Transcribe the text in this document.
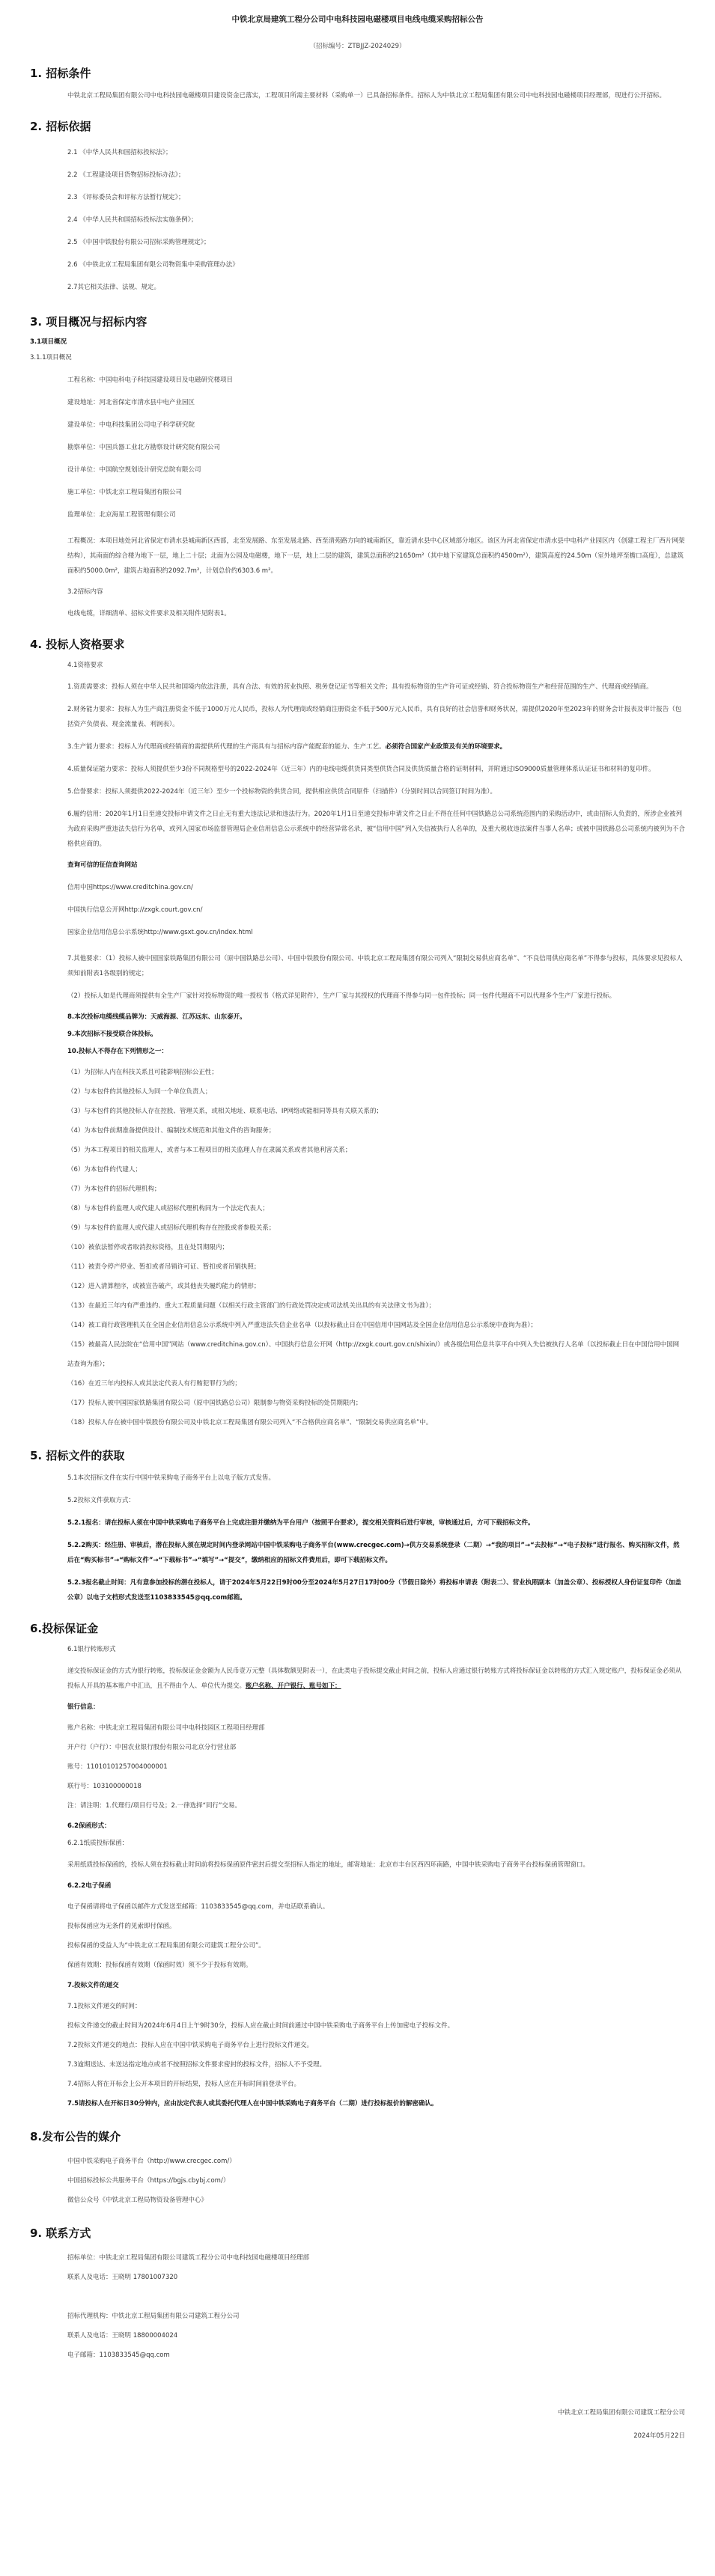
中铁北京局建筑工程分公司中电科技园电磁楼项目电线电缆采购招标公告
（招标编号：ZTBJJZ-2024029）
1. 招标条件

中铁北京工程局集团有限公司中电科技园电磁楼项目建设资金已落实，工程项目所需主要材料（采购单一）已具备招标条件。招标人为中铁北京工程局集团有限公司中电科技园电磁楼项目经理部，现进行公开招标。

2. 招标依据

2.1 《中华人民共和国招标投标法》；

2.2 《工程建设项目货物招标投标办法》；

2.3 《评标委员会和评标方法暂行规定》；

2.4 《中华人民共和国招标投标法实施条例》；

2.5 《中国中铁股份有限公司招标采购管理规定》；

2.6 《中铁北京工程局集团有限公司物资集中采购管理办法》

2.7其它相关法律、法规、规定。

3. 项目概况与招标内容
3.1项目概况

3.1.1项目概况

工程名称：中国电科电子科技园建设项目及电磁研究楼项目

建设地址：河北省保定市清水县中电产业园区

建设单位：中电科技集团公司电子科学研究院

勘察单位：中国兵器工业北方勘察设计研究院有限公司

设计单位：中国航空规划设计研究总院有限公司

施工单位：中铁北京工程局集团有限公司

监理单位：北京海星工程管理有限公司

工程概况：本项目地处河北省保定市清水县城南新区西部，北至发展路、东至发展北路、西至清苑路方向的城南新区，靠近清水县中心区域部分地区。该区为河北省保定市清水县中电科产业园区内（创建工程主厂西片网架结构），其南面的综合楼为地下一层，地上二十层；北面为公园及电磁楼，地下一层，地上二层的建筑，建筑总面积约21650m²（其中地下室建筑总面积约4500m²），建筑高度约24.50m（室外地坪至檐口高度），总建筑面积约5000.0m²，建筑占地面积约2092.7m²，计划总价约6303.6 m²。

3.2招标内容

电线电缆，详细清单、招标文件要求及相关附件见附表1。

4. 投标人资格要求

4.1资格要求

1.资质需要求：投标人须在中华人民共和国境内依法注册，具有合法、有效的营业执照、税务登记证书等相关文件；具有投标物资的生产许可证或经销、符合投标物资生产和经营范围的生产、代理商或经销商。

2.财务能力要求：投标人为生产商注册资金不低于1000万元人民币，投标人为代理商或经销商注册资金不低于500万元人民币，具有良好的社会信誉和财务状况，需提供2020年至2023年的财务会计报表及审计报告（包括资产负债表、现金流量表、利润表）。

3.生产能力要求：投标人为代理商或经销商的需提供所代理的生产商具有与招标内容产能配套的能力、生产工艺。必须符合国家产业政策及有关的环境要求。

4.质量保证能力要求：投标人须提供至少3份不同规格型号的2022-2024年（近三年）内的电线电缆供货同类型供货合同及供货质量合格的证明材料，并附通过ISO9000质量管理体系认证证书和材料的复印件。

5.信誉要求：投标人须提供2022-2024年（近三年）至少一个投标物资的供货合同，提供相应供货合同原件（扫描件）（分别时间以合同签订时间为准）。

6.履约信用：2020年1月1日至递交投标申请文件之日止无有重大违法记录和违法行为。2020年1月1日至递交投标申请文件之日止不得在任何中国铁路总公司系统范围内的采购活动中，或由招标人负责的，所涉企业被列为政府采购严重违法失信行为名单，或列入国家市场监督管理局企业信用信息公示系统中的经营异常名录，被“信用中国”列入失信被执行人名单的，及重大税收违法案件当事人名单；或被中国铁路总公司系统内被列为不合格供应商的。

查询可信的征信查询网站

信用中国https://www.creditchina.gov.cn/

中国执行信息公开网http://zxgk.court.gov.cn/

国家企业信用信息公示系统http://www.gsxt.gov.cn/index.html

7.其他要求：（1）投标人被中国国家铁路集团有限公司（原中国铁路总公司）、中国中铁股份有限公司、中铁北京工程局集团有限公司列入“限制交易供应商名单”、“不良信用供应商名单”不得参与投标，具体要求见投标人须知前附表1各级别的规定；

（2）投标人如是代理商须提供有全生产厂家针对投标物资的唯一授权书（格式详见附件），生产厂家与其授权的代理商不得参与同一包件投标；同一包件代理商不可以代理多个生产厂家进行投标。

8.本次投标电缆线缆品牌为：天威海源、江苏远东、山东泰开。

9.本次招标不接受联合体投标。

10.投标人不得存在下列情形之一：

（1）为招标人内在科技关系且可能影响招标公正性；

（2）与本包件的其他投标人为同一个单位负责人；

（3）与本包件的其他投标人存在控股、管理关系，或相关地址、联系电话、IP网络或能相同等具有关联关系的；

（4）为本包件前期准备提供设计、编制技术规范和其他文件的咨询服务；

（5）为本工程项目的相关监理人，或者与本工程项目的相关监理人存在隶属关系或者其他利害关系；

（6）为本包件的代建人；

（7）为本包件的招标代理机构；

（8）与本包件的监理人或代建人或招标代理机构同为一个法定代表人；

（9）与本包件的监理人或代建人或招标代理机构存在控股或者参股关系；

（10）被依法暂停或者取消投标资格，且在处罚期限内；

（11）被责令停产停业、暂扣或者吊销许可证、暂扣或者吊销执照；

（12）进入清算程序，或被宣告破产，或其他丧失履约能力的情形；

（13）在最近三年内有严重违约、重大工程质量问题（以相关行政主管部门的行政处罚决定或司法机关出具的有关法律文书为准）；

（14）被工商行政管理机关在全国企业信用信息公示系统中列入严重违法失信企业名单（以投标截止日在中国信用中国网站及全国企业信用信息公示系统中查询为准）；

（15）被最高人民法院在“信用中国”网站（www.creditchina.gov.cn）、中国执行信息公开网（http://zxgk.court.gov.cn/shixin/）或各级信用信息共享平台中列入失信被执行人名单（以投标截止日在中国信用中国网站查询为准）；

（16）在近三年内投标人或其法定代表人有行贿犯罪行为的；

（17）投标人被中国国家铁路集团有限公司（原中国铁路总公司）限制参与物资采购投标的处罚期限内；

（18）投标人存在被中国中铁股份有限公司及中铁北京工程局集团有限公司列入“不合格供应商名单”、“限制交易供应商名单”中。

5. 招标文件的获取

5.1本次招标文件在实行中国中铁采购电子商务平台上以电子版方式发售。

5.2投标文件获取方式：

5.2.1报名：请在投标人须在中国中铁采购电子商务平台上完成注册并缴纳为平台用户（按照平台要求），提交相关资料后进行审核，审核通过后，方可下载招标文件。

5.2.2购买：经注册、审核后，潜在投标人须在规定时间内登录网站中国中铁采购电子商务平台(www.crecgec.com)→供方交易系统登录（二期）→“我的项目”→“去投标”→“电子投标”进行报名、购买招标文件，然后在“购买标书”→“购标文件”→“下载标书”→“填写”→“提交”，缴纳相应的招标文件费用后，即可下载招标文件。

5.2.3报名截止时间：凡有意参加投标的潜在投标人，请于2024年5月22日9时00分至2024年5月27日17时00分（节假日除外）将投标申请表（附表二）、营业执照副本（加盖公章）、投标授权人身份证复印件（加盖公章）以电子文档形式发送至1103833545@qq.com邮箱。

6.投标保证金

6.1银行转账形式

递交投标保证金的方式为银行转账，投标保证金金额为人民币壹万元整（具体数额见附表一），在此类电子投标提交截止时间之前，投标人应通过银行转账方式将投标保证金以转账的方式汇入规定账户，投标保证金必须从投标人开具的基本账户中汇出，且不得由个人、单位代为提交。账户名称、开户银行、账号如下：

银行信息：

账户名称：中铁北京工程局集团有限公司中电科技园区工程项目经理部

开户行（户行）：中国农业银行股份有限公司北京分行营业部

账号：11010101257004000001

联行号：103100000018

注：请注明：1.代理行/项目行号及；2.一律选择“同行”交易。

6.2保函形式：

6.2.1纸质投标保函：

采用纸质投标保函的，投标人须在投标截止时间前将投标保函原件密封后提交至招标人指定的地址，邮寄地址：北京市丰台区西四环南路，中国中铁采购电子商务平台投标保函管理窗口。

6.2.2电子保函

电子保函请将电子保函以邮件方式发送至邮箱：1103833545@qq.com，并电话联系确认。

投标保函应为无条件的见索即付保函。

投标保函的受益人为“中铁北京工程局集团有限公司建筑工程分公司”。

保函有效期：投标保函有效期（保函时效）须不少于投标有效期。

7.投标文件的递交

7.1投标文件递交的时间：

投标文件递交的截止时间为2024年6月4日上午9时30分，投标人应在截止时间前通过中国中铁采购电子商务平台上传加密电子投标文件。

7.2投标文件递交的地点：投标人应在中国中铁采购电子商务平台上进行投标文件递交。

7.3逾期送达、未送达指定地点或者不按照招标文件要求密封的投标文件，招标人不予受理。

7.4招标人将在开标会上公开本项目的开标结果，投标人应在开标时间前登录平台。

7.5请投标人在开标日30分钟内，应由法定代表人或其委托代理人在中国中铁采购电子商务平台（二期）进行投标报价的解密确认。

8.发布公告的媒介

中国中铁采购电子商务平台（http://www.crecgec.com/）

中国招标投标公共服务平台（https://bgjs.cbybj.com/）

微信公众号《中铁北京工程局物资设备管理中心》

9. 联系方式

招标单位：中铁北京工程局集团有限公司建筑工程分公司中电科技园电磁楼项目经理部

联系人及电话：王晓明 17801007320

招标代理机构：中铁北京工程局集团有限公司建筑工程分公司

联系人及电话：王晓明 18800004024

电子邮箱：1103833545@qq.com

中铁北京工程局集团有限公司建筑工程分公司

2024年05月22日
